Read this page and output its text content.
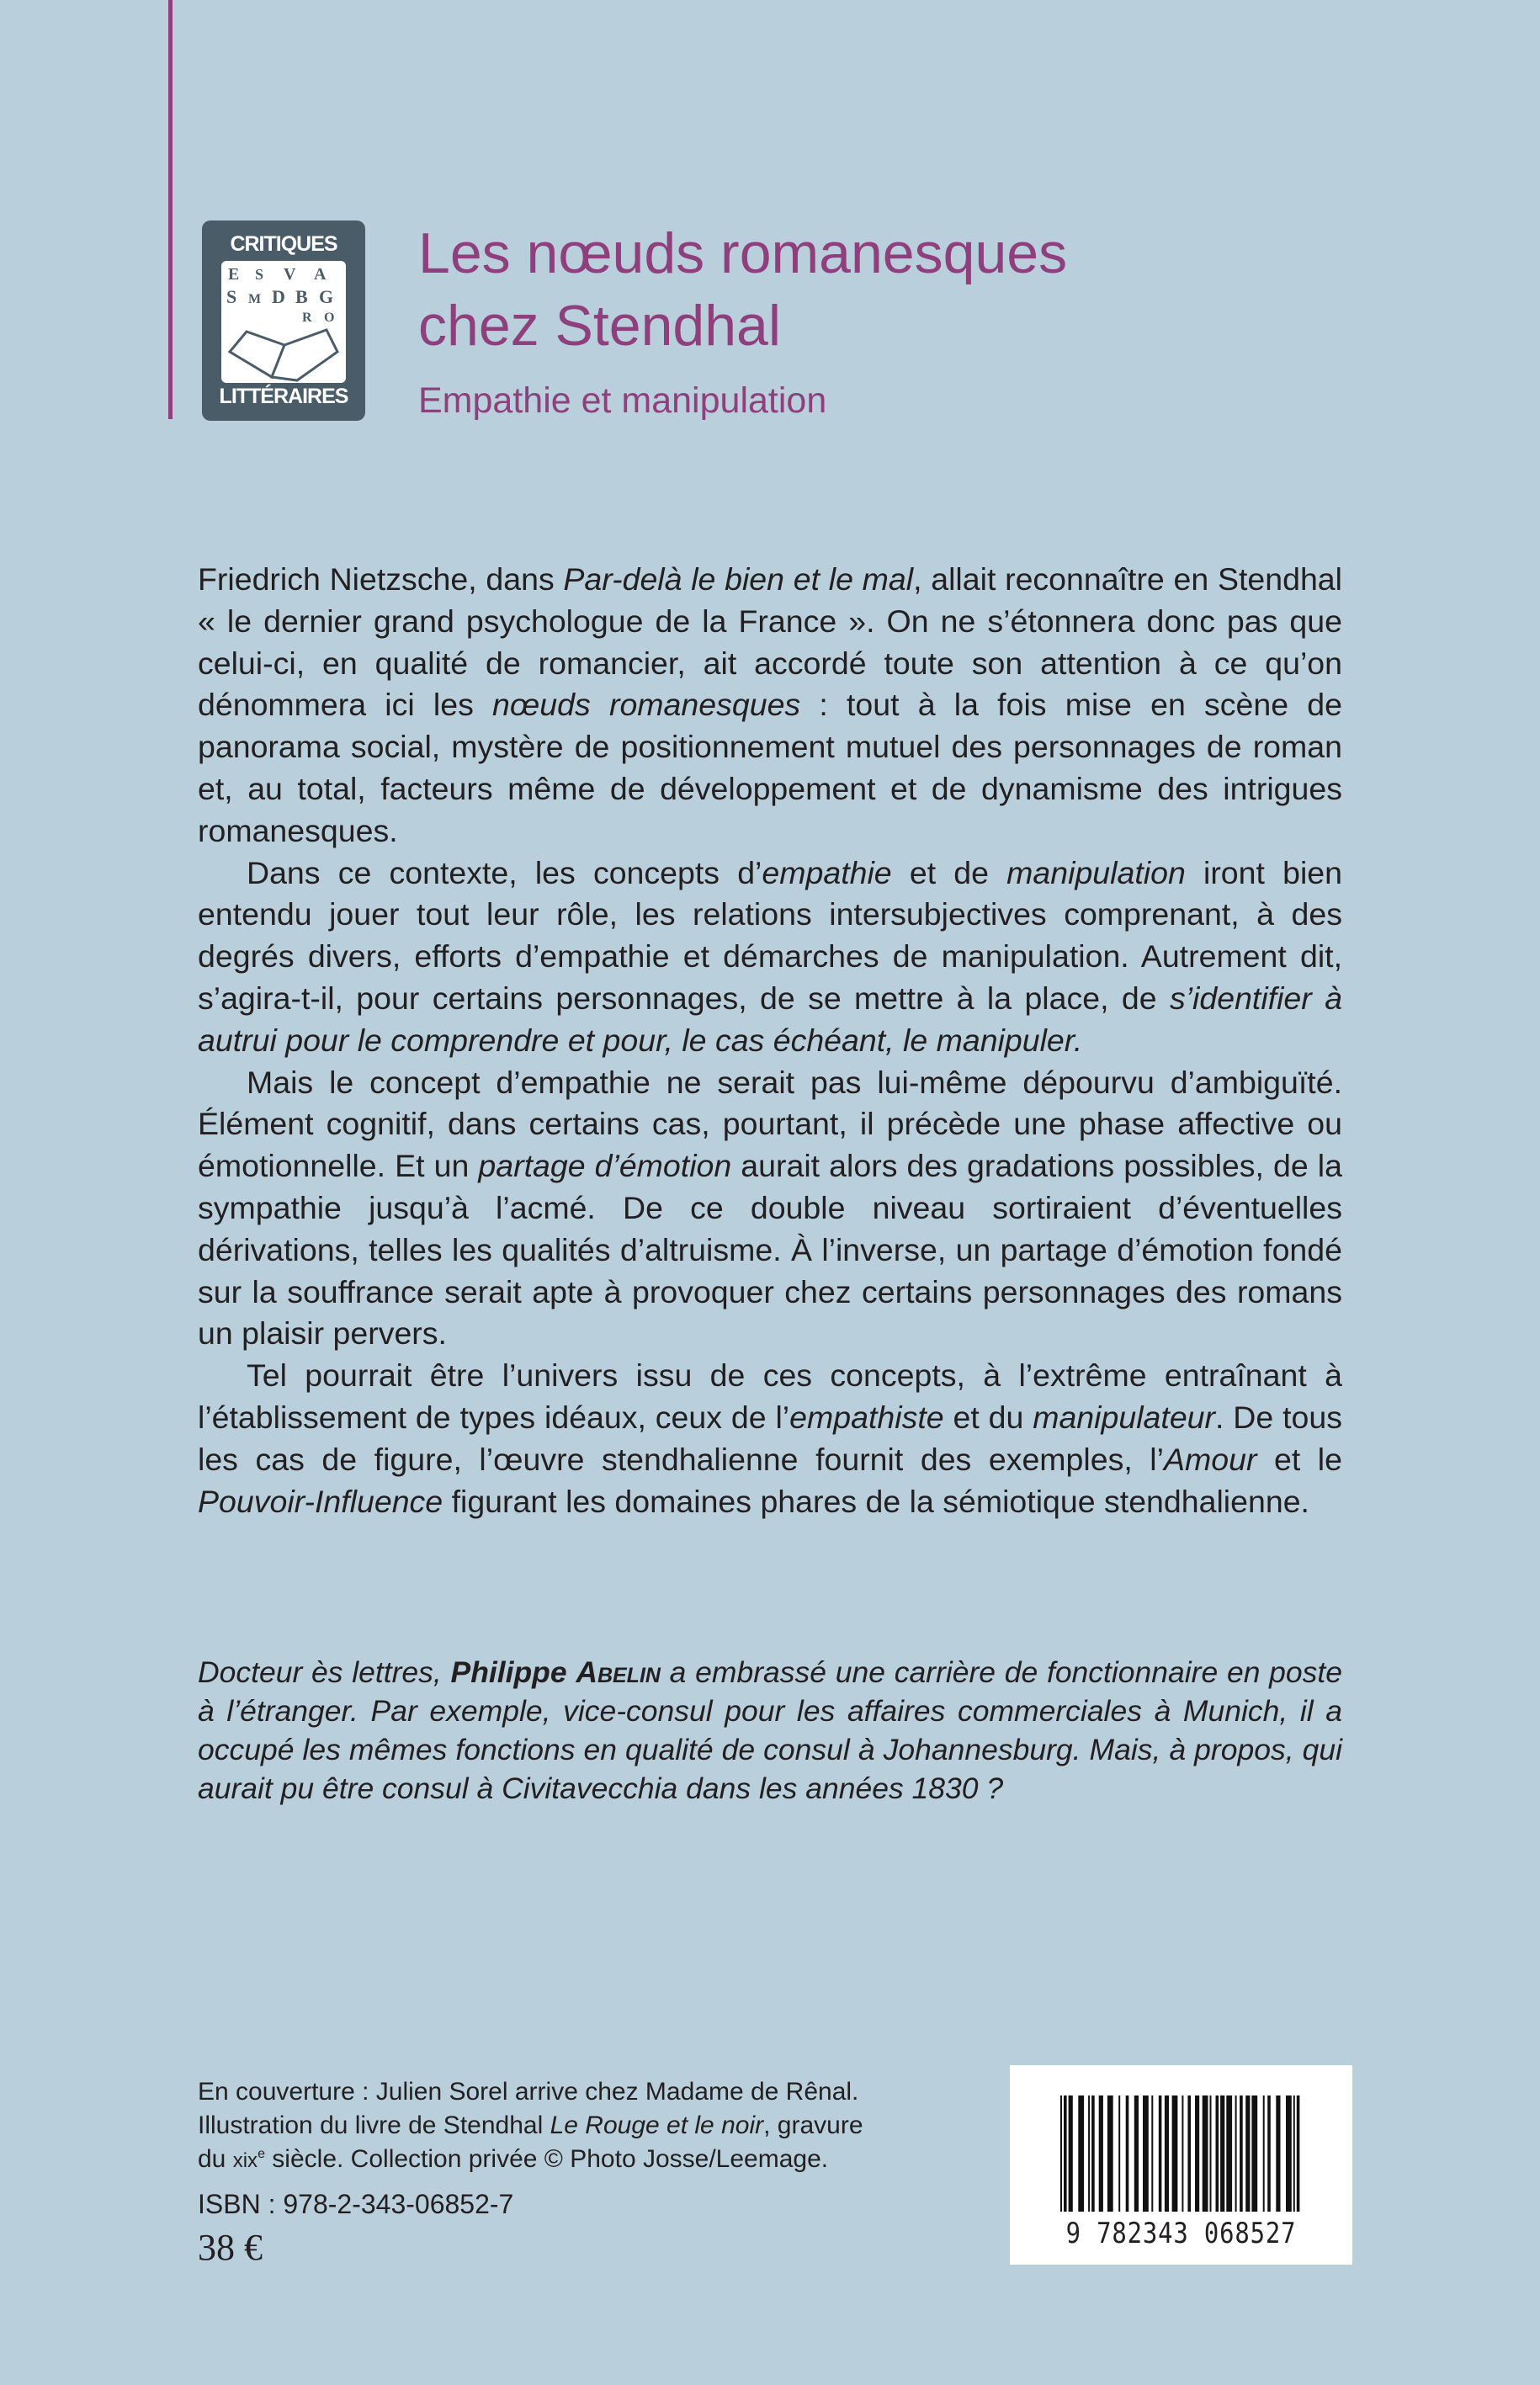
CRITIQUES
E S V A
S M D B G
R O
LITTÉRAIRES
Les nœuds romanesques
chez Stendhal
Empathie et manipulation

Friedrich Nietzsche, dans Par-delà le bien et le mal, allait reconnaître en Stendhal « le dernier grand psychologue de la France ». On ne s’étonnera donc pas que celui-ci, en qualité de romancier, ait accordé toute son attention à ce qu’on dénommera ici les nœuds romanesques : tout à la fois mise en scène de panorama social, mystère de positionnement mutuel des personnages de roman et, au total, facteurs même de développement et de dynamisme des intrigues romanesques.

Dans ce contexte, les concepts d’empathie et de manipulation iront bien entendu jouer tout leur rôle, les relations intersubjectives comprenant, à des degrés divers, efforts d’empathie et démarches de manipulation. Autrement dit, s’agira-t-il, pour certains personnages, de se mettre à la place, de s’identifier à autrui pour le comprendre et pour, le cas échéant, le manipuler.

Mais le concept d’empathie ne serait pas lui-même dépourvu d’ambiguïté. Élément cognitif, dans certains cas, pourtant, il précède une phase affective ou émotionnelle. Et un partage d’émotion aurait alors des gradations possibles, de la sympathie jusqu’à l’acmé. De ce double niveau sortiraient d’éventuelles dérivations, telles les qualités d’altruisme. À l’inverse, un partage d’émotion fondé sur la souffrance serait apte à provoquer chez certains personnages des romans un plaisir pervers.

Tel pourrait être l’univers issu de ces concepts, à l’extrême entraînant à l’établissement de types idéaux, ceux de l’empathiste et du manipulateur. De tous les cas de figure, l’œuvre stendhalienne fournit des exemples, l’Amour et le Pouvoir-Influence figurant les domaines phares de la sémiotique stendhalienne.

Docteur ès lettres, Philippe Abelin a embrassé une carrière de fonctionnaire en poste à l’étranger. Par exemple, vice-consul pour les affaires commerciales à Munich, il a occupé les mêmes fonctions en qualité de consul à Johannesburg. Mais, à propos, qui aurait pu être consul à Civitavecchia dans les années 1830 ?
En couverture : Julien Sorel arrive chez Madame de Rênal.
Illustration du livre de Stendhal Le Rouge et le noir, gravure
du xix$^e$ siècle. Collection privée © Photo Josse/Leemage.
ISBN : 978-2-343-06852-7
38 €	9 782343 068527
